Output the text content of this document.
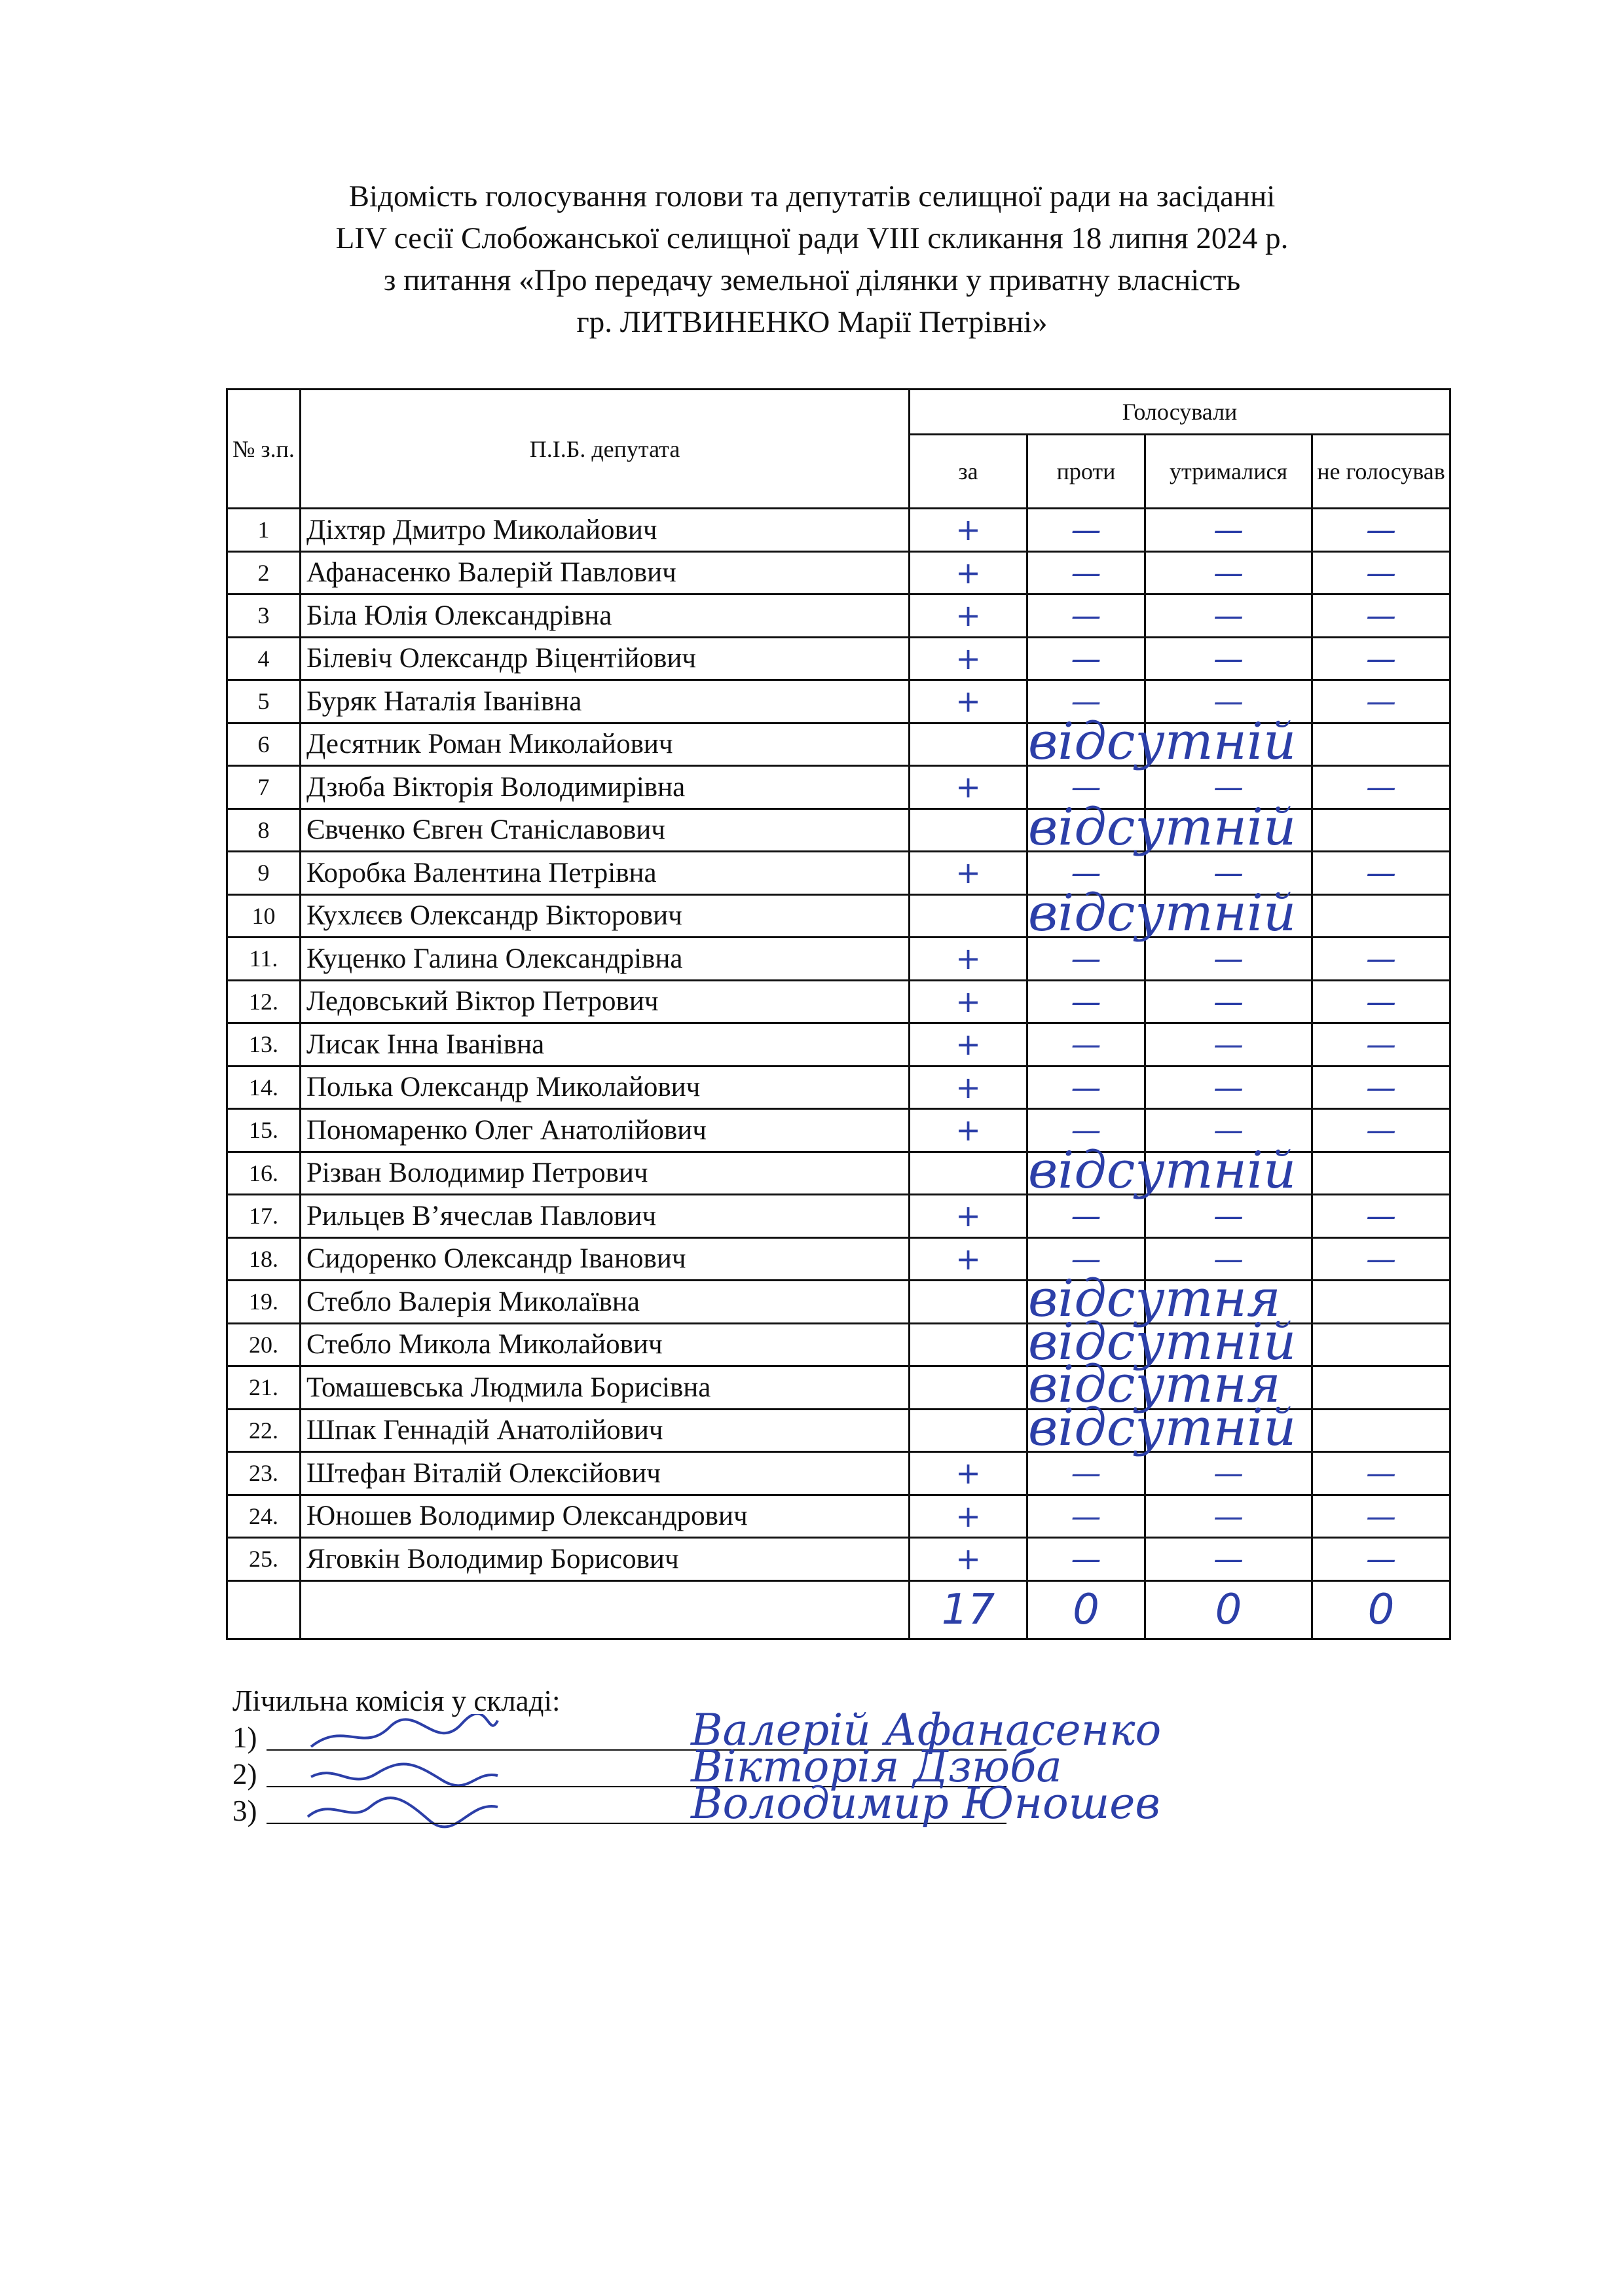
Відомість голосування голови та депутатів селищної ради на засіданні
LIV сесії Слобожанської селищної ради VIII скликання 18 липня 2024 р.
з питання «Про передачу земельної ділянки у приватну власність
гр. ЛИТВИНЕНКО Марії Петрівні»
№ з.п.	П.І.Б. депутата	Голосували			
		за	проти	утрималися	не голосував
1	Діхтяр Дмитро Миколайович	+	—	—	—
2	Афанасенко Валерій Павлович	+	—	—	—
3	Біла Юлія Олександрівна	+	—	—	—
4	Білевіч Олександр Віцентійович	+	—	—	—
5	Буряк Наталія Іванівна	+	—	—	—
6	Десятник Роман Миколайович	відсутній			

7	Дзюба Вікторія Володимирівна	+	—	—	—
8	Євченко Євген Станіславович	відсутній			

9	Коробка Валентина Петрівна	+	—	—	—
10	Кухлєєв Олександр Вікторович	відсутній			

11.	Куценко Галина Олександрівна	+	—	—	—
12.	Ледовський Віктор Петрович	+	—	—	—
13.	Лисак Інна Іванівна	+	—	—	—
14.	Полька Олександр Миколайович	+	—	—	—
15.	Пономаренко Олег Анатолійович	+	—	—	—
16.	Різван Володимир Петрович	відсутній			

17.	Рильцев В’ячеслав Павлович	+	—	—	—
18.	Сидоренко Олександр Іванович	+	—	—	—
19.	Стебло Валерія Миколаївна	відсутня			

20.	Стебло Микола Миколайович	відсутній			

21.	Томашевська Людмила Борисівна	відсутня			

22.	Шпак Геннадій Анатолійович	відсутній			

23.	Штефан Віталій Олексійович	+	—	—	—
24.	Юношев Володимир Олександрович	+	—	—	—
25.	Яговкін Володимир Борисович	+	—	—	—
		17	0	0	0
Лічильна комісія у складі:
1)	Валерій Афанасенко
2)	Вікторія Дзюба
3)	Володимир Юношев
